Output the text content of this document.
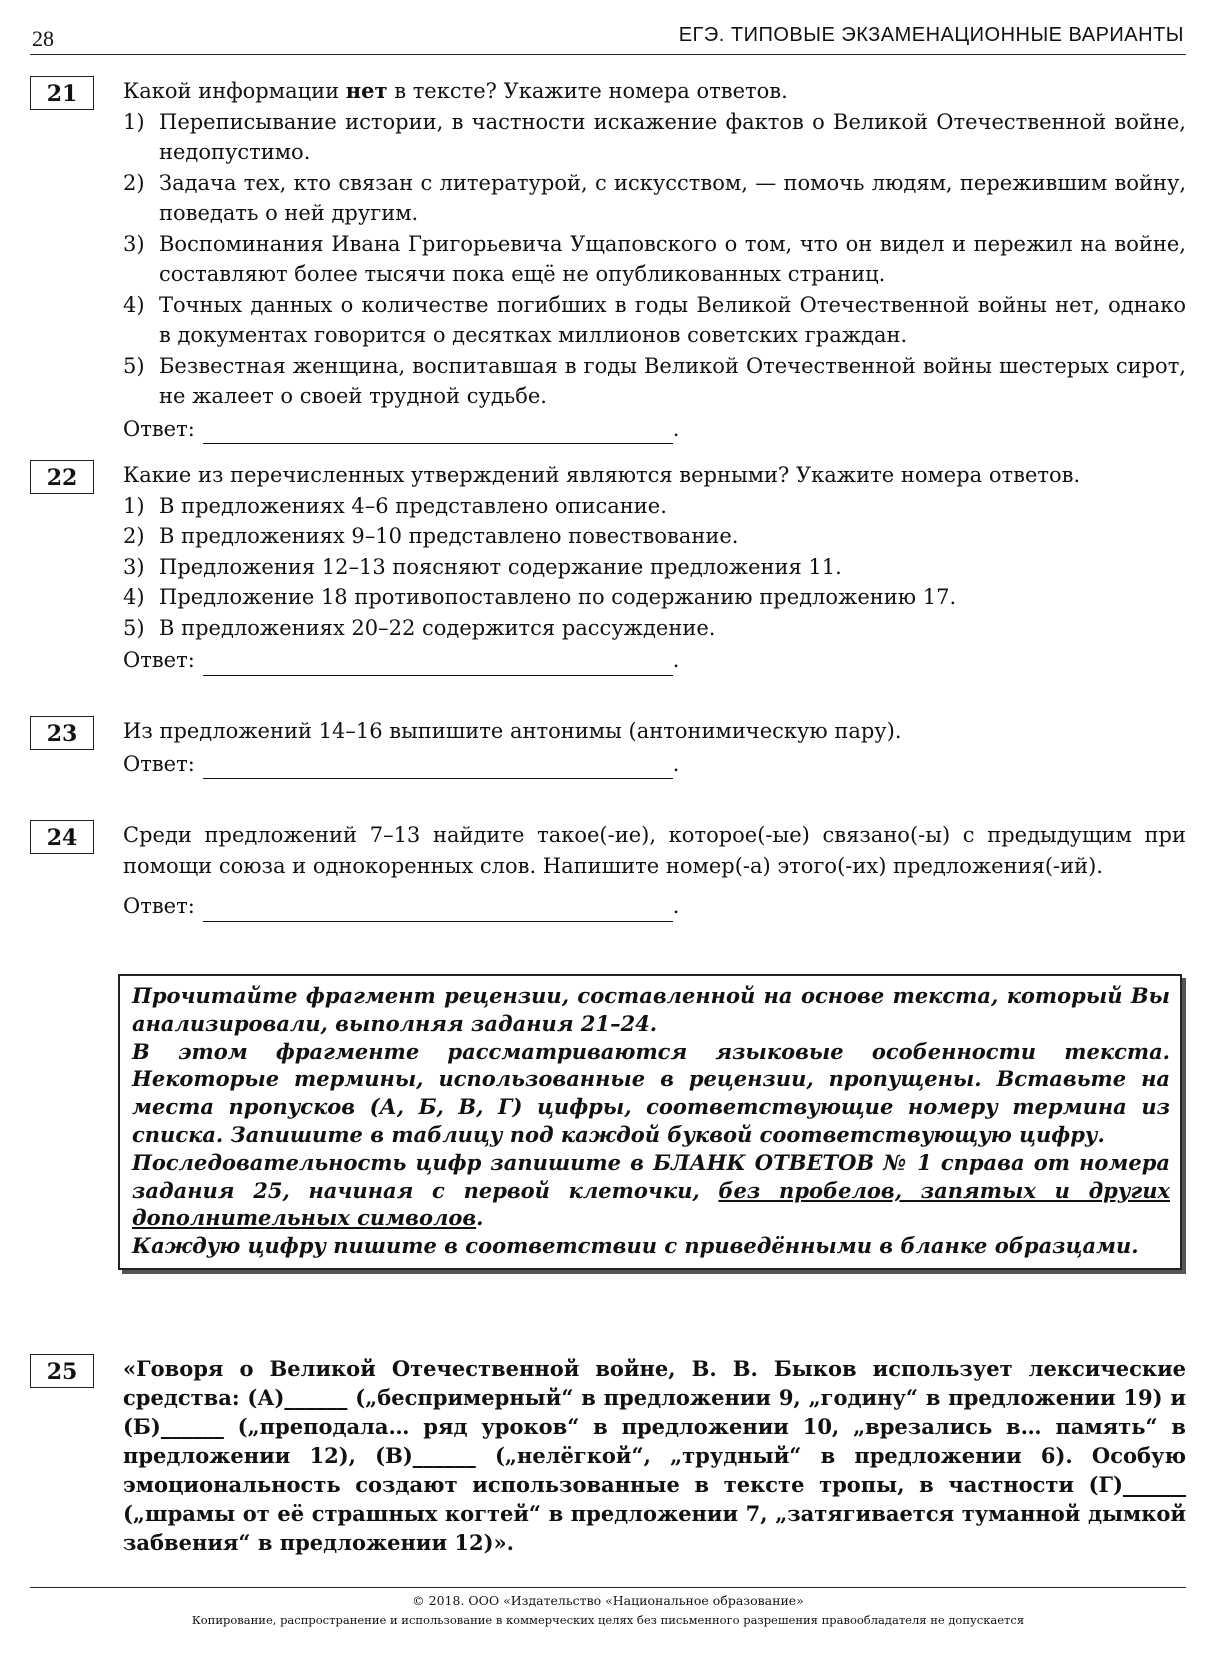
28	ЕГЭ. ТИПОВЫЕ ЭКЗАМЕНАЦИОННЫЕ ВАРИАНТЫ
21	Какой информации нет в тексте? Укажите номера ответов.

1) Переписывание истории, в частности искажение фактов о Великой Отечественной войне, недопустимо.
2) Задача тех, кто связан с литературой, с искусством, — помочь людям, пережившим войну, поведать о ней другим.
3) Воспоминания Ивана Григорьевича Ущаповского о том, что он видел и пережил на войне, составляют более тысячи пока ещё не опубликованных страниц.
4) Точных данных о количестве погибших в годы Великой Отечественной войны нет, однако в документах говорится о десятках миллионов советских граждан.
5) Безвестная женщина, воспитавшая в годы Великой Отечественной войны шестерых сирот, не жалеет о своей трудной судьбе.
Ответ:	.
22	Какие из перечисленных утверждений являются верными? Укажите номера ответов.

1) В предложениях 4–6 представлено описание.
2) В предложениях 9–10 представлено повествование.
3) Предложения 12–13 поясняют содержание предложения 11.
4) Предложение 18 противопоставлено по содержанию предложению 17.
5) В предложениях 20–22 содержится рассуждение.
Ответ:	.
23	Из предложений 14–16 выпишите антонимы (антонимическую пару).

Ответ:	.
24	Среди предложений 7–13 найдите такое(-ие), которое(-ые) связано(-ы) с предыдущим при помощи союза и однокоренных слов. Напишите номер(-а) этого(-их) предложения(-ий).

Ответ:	.

Прочитайте фрагмент рецензии, составленной на основе текста, который Вы анализировали, выполняя задания 21–24.

В этом фрагменте рассматриваются языковые особенности текста. Некоторые термины, использованные в рецензии, пропущены. Вставьте на места пропусков (А, Б, В, Г) цифры, соответствующие номеру термина из списка. Запишите в таблицу под каждой буквой соответствующую цифру.

Последовательность цифр запишите в БЛАНК ОТВЕТОВ № 1 справа от номера задания 25, начиная с первой клеточки, без пробелов, запятых и других дополнительных символов.

Каждую цифру пишите в соответствии с приведёнными в бланке образцами.

25	«Говоря о Великой Отечественной войне, В. В. Быков использует лексические средства: (А)______ („беспримерный“ в предложении 9, „годину“ в предложении 19) и (Б)______ („преподала… ряд уроков“ в предложении 10, „врезались в… память“ в предложении 12), (В)______ („нелёгкой“, „трудный“ в предложении 6). Особую эмоциональность создают использованные в тексте тропы, в частности (Г)______ („шрамы от её страшных когтей“ в предложении 7, „затягивается туманной дымкой забвения“ в предложении 12)».

© 2018. ООО «Издательство «Национальное образование»
Копирование, распространение и использование в коммерческих целях без письменного разрешения правообладателя не допускается
